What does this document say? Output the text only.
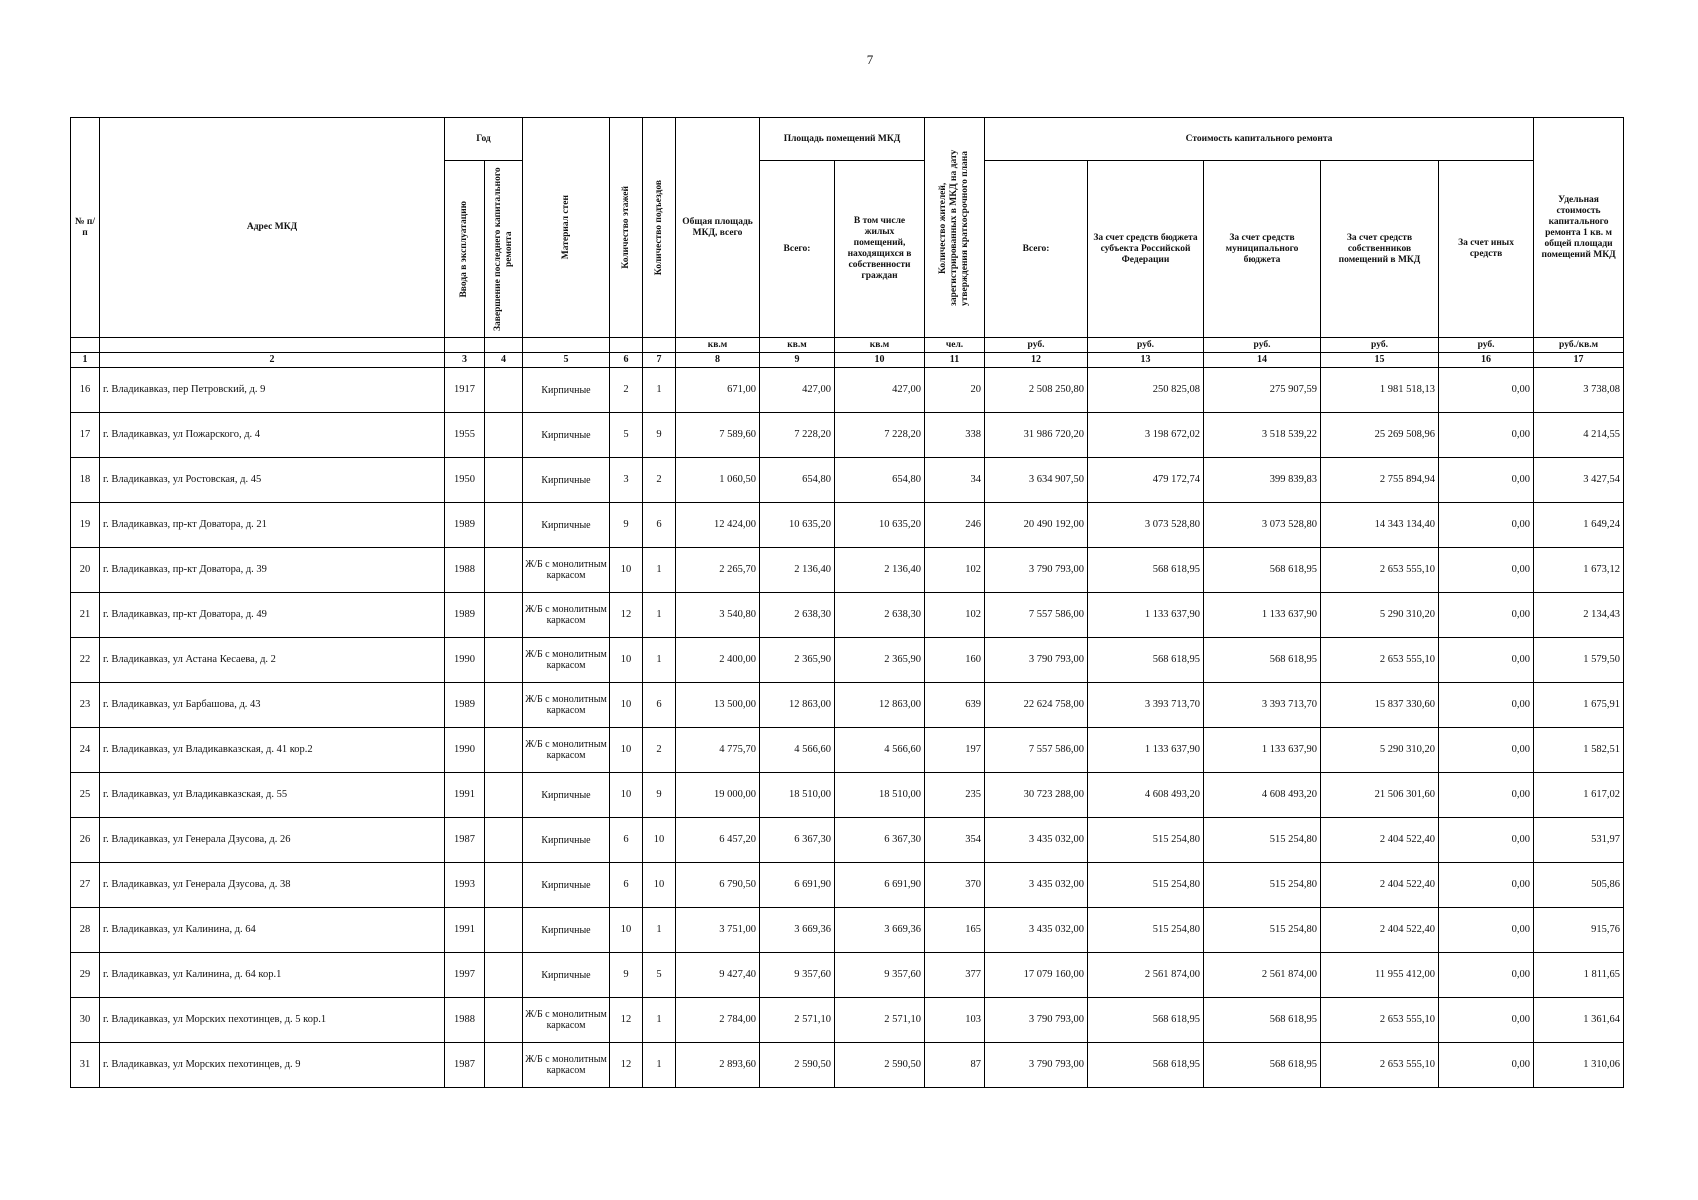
7
№ п/п	Адрес МКД	Год		Материал стен	Количество этажей	Количество подъездов	Общая площадь МКД, всего	Площадь помещений МКД		Количество жителей, зарегистрированных в МКД на дату утверждения краткосрочного плана	Стоимость капитального ремонта					Удельная стоимость капитального ремонта 1 кв. м общей площади помещений МКД

		Ввода в эксплуатацию	Завершение последнего капитального ремонта					Всего:	В том числе жилых помещений, находящихся в собственности граждан		Всего:	За счет средств бюджета субъекта Российской Федерации	За счет средств муниципального бюджета	За счет средств собственников помещений в МКД	За счет иных средств	
							кв.м	кв.м	кв.м	чел.	руб.	руб.	руб.	руб.	руб.	руб./кв.м
1	2	3	4	5	6	7	8	9	10	11	12	13	14	15	16	17
16	г. Владикавказ, пер Петровский, д. 9	1917		Кирпичные	2	1	671,00	427,00	427,00	20	2 508 250,80	250 825,08	275 907,59	1 981 518,13	0,00	3 738,08
17	г. Владикавказ, ул Пожарского, д. 4	1955		Кирпичные	5	9	7 589,60	7 228,20	7 228,20	338	31 986 720,20	3 198 672,02	3 518 539,22	25 269 508,96	0,00	4 214,55
18	г. Владикавказ, ул Ростовская, д. 45	1950		Кирпичные	3	2	1 060,50	654,80	654,80	34	3 634 907,50	479 172,74	399 839,83	2 755 894,94	0,00	3 427,54
19	г. Владикавказ, пр-кт Доватора, д. 21	1989		Кирпичные	9	6	12 424,00	10 635,20	10 635,20	246	20 490 192,00	3 073 528,80	3 073 528,80	14 343 134,40	0,00	1 649,24
20	г. Владикавказ, пр-кт Доватора, д. 39	1988		Ж/Б с монолитным каркасом	10	1	2 265,70	2 136,40	2 136,40	102	3 790 793,00	568 618,95	568 618,95	2 653 555,10	0,00	1 673,12
21	г. Владикавказ, пр-кт Доватора, д. 49	1989		Ж/Б с монолитным каркасом	12	1	3 540,80	2 638,30	2 638,30	102	7 557 586,00	1 133 637,90	1 133 637,90	5 290 310,20	0,00	2 134,43
22	г. Владикавказ, ул Астана Кесаева, д. 2	1990		Ж/Б с монолитным каркасом	10	1	2 400,00	2 365,90	2 365,90	160	3 790 793,00	568 618,95	568 618,95	2 653 555,10	0,00	1 579,50
23	г. Владикавказ, ул Барбашова, д. 43	1989		Ж/Б с монолитным каркасом	10	6	13 500,00	12 863,00	12 863,00	639	22 624 758,00	3 393 713,70	3 393 713,70	15 837 330,60	0,00	1 675,91
24	г. Владикавказ, ул Владикавказская, д. 41 кор.2	1990		Ж/Б с монолитным каркасом	10	2	4 775,70	4 566,60	4 566,60	197	7 557 586,00	1 133 637,90	1 133 637,90	5 290 310,20	0,00	1 582,51
25	г. Владикавказ, ул Владикавказская, д. 55	1991		Кирпичные	10	9	19 000,00	18 510,00	18 510,00	235	30 723 288,00	4 608 493,20	4 608 493,20	21 506 301,60	0,00	1 617,02
26	г. Владикавказ, ул Генерала Дзусова, д. 26	1987		Кирпичные	6	10	6 457,20	6 367,30	6 367,30	354	3 435 032,00	515 254,80	515 254,80	2 404 522,40	0,00	531,97
27	г. Владикавказ, ул Генерала Дзусова, д. 38	1993		Кирпичные	6	10	6 790,50	6 691,90	6 691,90	370	3 435 032,00	515 254,80	515 254,80	2 404 522,40	0,00	505,86
28	г. Владикавказ, ул Калинина, д. 64	1991		Кирпичные	10	1	3 751,00	3 669,36	3 669,36	165	3 435 032,00	515 254,80	515 254,80	2 404 522,40	0,00	915,76
29	г. Владикавказ, ул Калинина, д. 64 кор.1	1997		Кирпичные	9	5	9 427,40	9 357,60	9 357,60	377	17 079 160,00	2 561 874,00	2 561 874,00	11 955 412,00	0,00	1 811,65
30	г. Владикавказ, ул Морских пехотинцев, д. 5 кор.1	1988		Ж/Б с монолитным каркасом	12	1	2 784,00	2 571,10	2 571,10	103	3 790 793,00	568 618,95	568 618,95	2 653 555,10	0,00	1 361,64
31	г. Владикавказ, ул Морских пехотинцев, д. 9	1987		Ж/Б с монолитным каркасом	12	1	2 893,60	2 590,50	2 590,50	87	3 790 793,00	568 618,95	568 618,95	2 653 555,10	0,00	1 310,06
